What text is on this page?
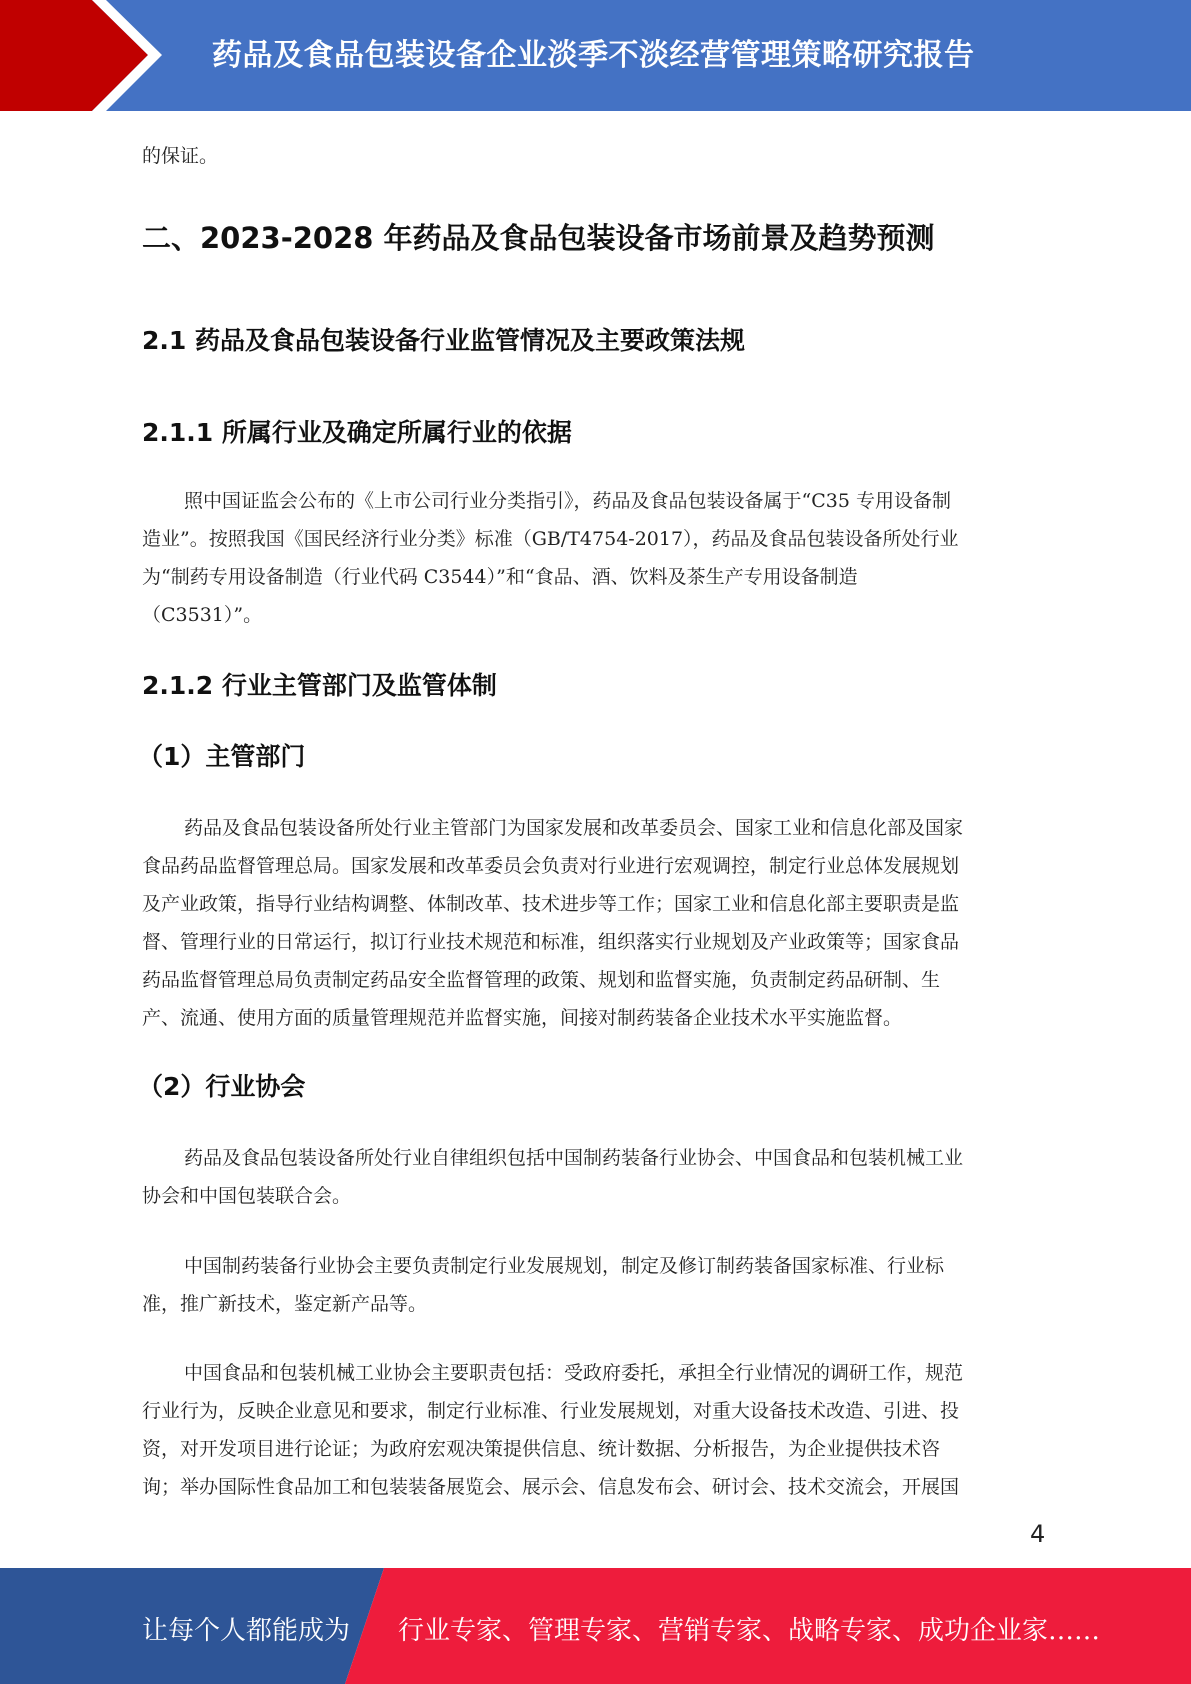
药品及食品包装设备企业淡季不淡经营管理策略研究报告
的保证。
二、2023-2028 年药品及食品包装设备市场前景及趋势预测
2.1 药品及食品包装设备行业监管情况及主要政策法规
2.1.1 所属行业及确定所属行业的依据
照中国证监会公布的《上市公司行业分类指引》，药品及食品包装设备属于“C35 专用设备制
造业”。按照我国《国民经济行业分类》标准（GB/T4754-2017），药品及食品包装设备所处行业
为“制药专用设备制造（行业代码 C3544）”和“食品、酒、饮料及茶生产专用设备制造
（C3531）”。
2.1.2 行业主管部门及监管体制
（1）主管部门
药品及食品包装设备所处行业主管部门为国家发展和改革委员会、国家工业和信息化部及国家
食品药品监督管理总局。国家发展和改革委员会负责对行业进行宏观调控，制定行业总体发展规划
及产业政策，指导行业结构调整、体制改革、技术进步等工作；国家工业和信息化部主要职责是监
督、管理行业的日常运行，拟订行业技术规范和标准，组织落实行业规划及产业政策等；国家食品
药品监督管理总局负责制定药品安全监督管理的政策、规划和监督实施，负责制定药品研制、生
产、流通、使用方面的质量管理规范并监督实施，间接对制药装备企业技术水平实施监督。
（2）行业协会
药品及食品包装设备所处行业自律组织包括中国制药装备行业协会、中国食品和包装机械工业
协会和中国包装联合会。
中国制药装备行业协会主要负责制定行业发展规划，制定及修订制药装备国家标准、行业标
准，推广新技术，鉴定新产品等。
中国食品和包装机械工业协会主要职责包括：受政府委托，承担全行业情况的调研工作，规范
行业行为，反映企业意见和要求，制定行业标准、行业发展规划，对重大设备技术改造、引进、投
资，对开发项目进行论证；为政府宏观决策提供信息、统计数据、分析报告，为企业提供技术咨
询；举办国际性食品加工和包装装备展览会、展示会、信息发布会、研讨会、技术交流会，开展国
4
让每个人都能成为 行业专家、管理专家、营销专家、战略专家、成功企业家……
